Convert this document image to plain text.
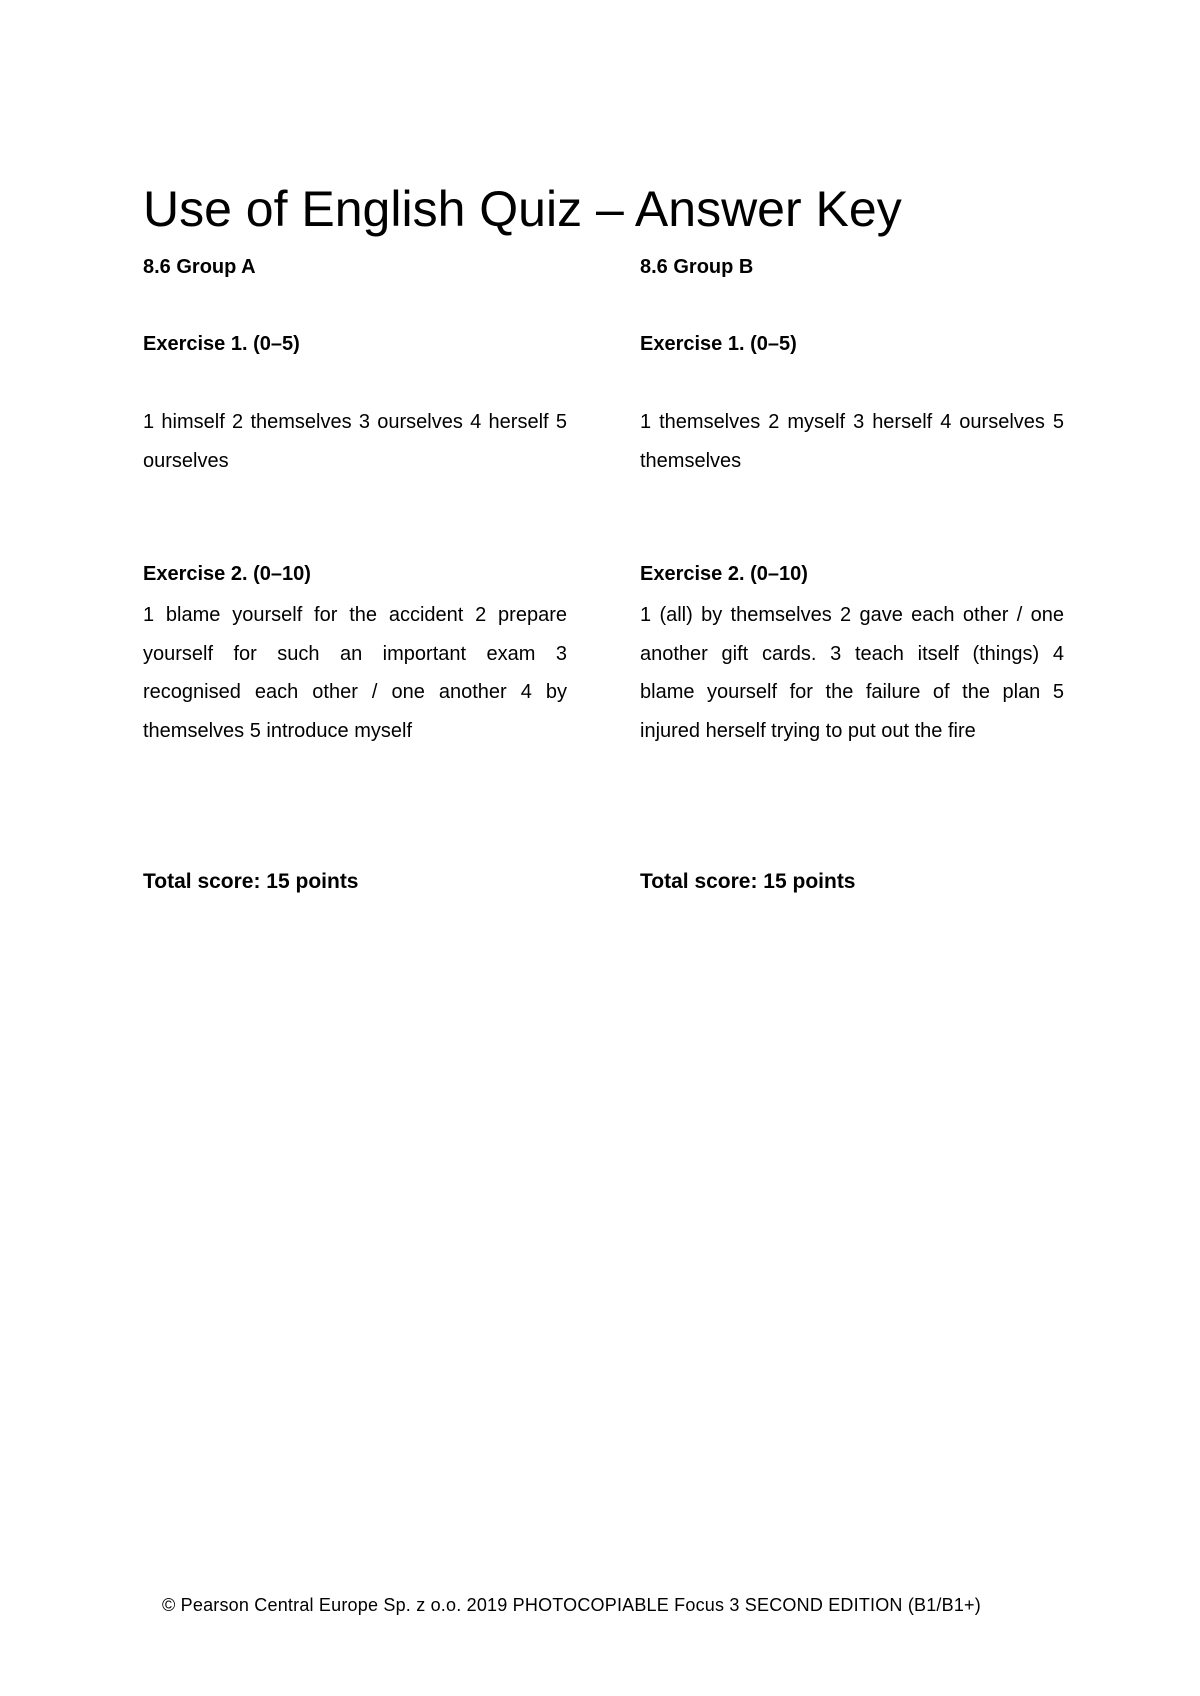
Use of English Quiz – Answer Key
8.6 Group A
Exercise 1. (0–5)
1 himself 2 themselves 3 ourselves 4 herself 5 ourselves
Exercise 2. (0–10)
1 blame yourself for the accident 2 prepare yourself for such an important exam 3 recognised each other / one another 4 by themselves 5 introduce myself
Total score: 15 points
8.6 Group B
Exercise 1. (0–5)
1 themselves 2 myself 3 herself 4 ourselves 5 themselves
Exercise 2. (0–10)
1 (all) by themselves 2 gave each other / one another gift cards. 3 teach itself (things) 4 blame yourself for the failure of the plan 5 injured herself trying to put out the fire
Total score: 15 points
© Pearson Central Europe Sp. z o.o. 2019 PHOTOCOPIABLE Focus 3 SECOND EDITION (B1/B1+)
